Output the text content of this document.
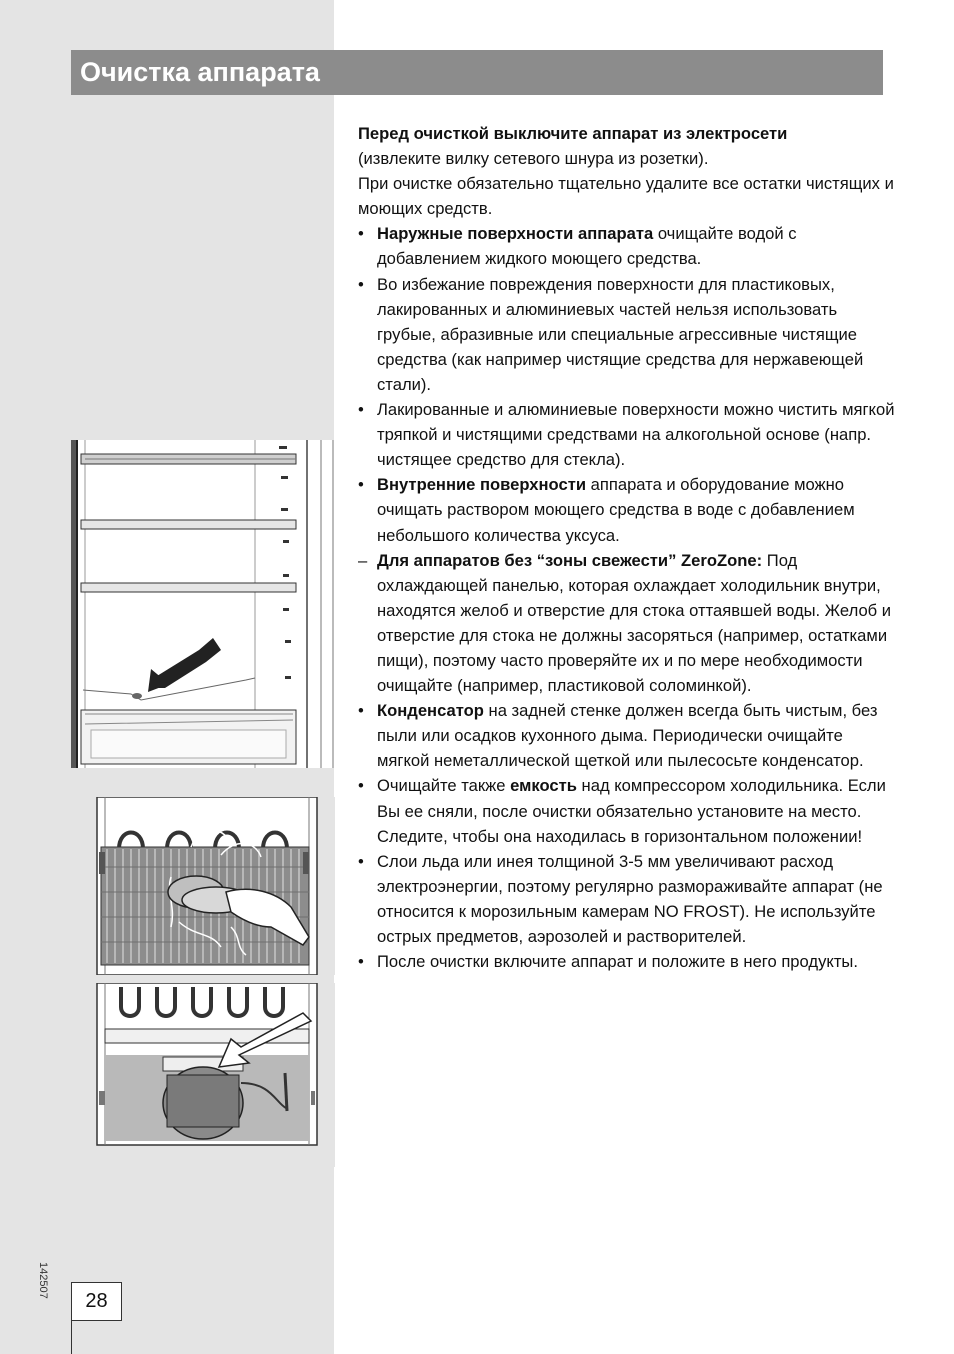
Очистка аппарата

Перед очисткой выключите аппарат из электросети
(извлеките вилку сетевого шнура из розетки).
При очистке обязательно тщательно удалите все остатки чистящих и моющих средств.

• Наружные поверхности аппарата очищайте водой с добавлением жидкого моющего средства.
• Во избежание повреждения поверхности для пластиковых, лакированных и алюминиевых частей нельзя использовать грубые, абразивные или специальные агрессивные чистящие средства (как например чистящие средства для нержавеющей стали).
• Лакированные и алюминиевые поверхности можно чистить мягкой тряпкой и чистящими средствами на алкогольной основе (напр. чистящее средство для стекла).
• Внутренние поверхности аппарата и оборудование можно очищать раствором моющего средства в воде с добавлением небольшого количества уксуса.
– Для аппаратов без “зоны свежести” ZeroZone: Под охлаждающей панелью, которая охлаждает холодильник внутри, находятся желоб и отверстие для стока оттаявшей воды. Желоб и отверстие для стока не должны засоряться (например, остатками пищи), поэтому часто проверяйте их и по мере необходимости очищайте (например, пластиковой соломинкой).
• Конденсатор на задней стенке должен всегда быть чистым, без пыли или осадков кухонного дыма. Периодически очищайте мягкой неметаллической щеткой или пылесосьте конденсатор.
• Очищайте также емкость над компрессором холодильника. Если Вы ее сняли, после очистки обязательно установите на место. Следите, чтобы она находилась в горизонтальном положении!
• Слои льда или инея толщиной 3-5 мм увеличивают расход электроэнергии, поэтому регулярно размораживайте аппарат (не относится к морозильным камерам NO FROST). Не используйте острых предметов, аэрозолей и растворителей.
• После очистки включите аппарат и положите в него продукты.
28
142507
